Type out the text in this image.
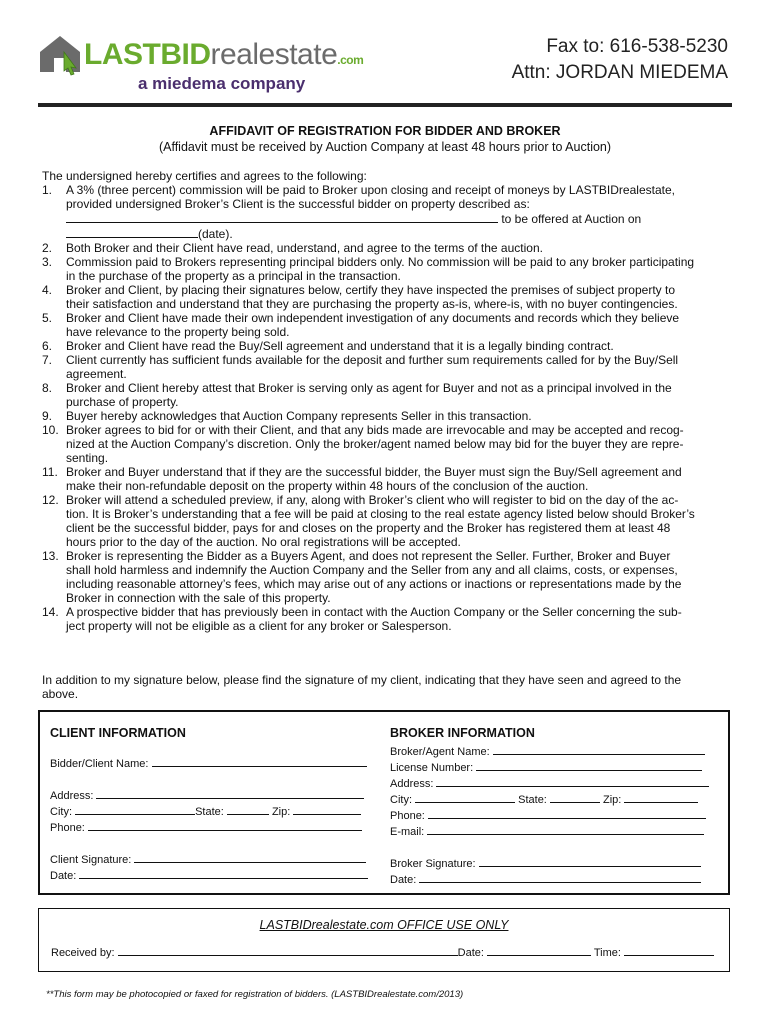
LASTBIDrealestate.com
a miedema company
Fax to: 616-538-5230
Attn: JORDAN MIEDEMA
AFFIDAVIT OF REGISTRATION FOR BIDDER AND BROKER
(Affidavit must be received by Auction Company at least 48 hours prior to Auction)
The undersigned hereby certifies and agrees to the following:
1. A 3% (three percent) commission will be paid to Broker upon closing and receipt of moneys by LASTBIDrealestate,
provided undersigned Broker’s Client is the successful bidder on property described as:
to be offered at Auction on
(date).
2. Both Broker and their Client have read, understand, and agree to the terms of the auction.
3. Commission paid to Brokers representing principal bidders only. No commission will be paid to any broker participating
in the purchase of the property as a principal in the transaction.
4. Broker and Client, by placing their signatures below, certify they have inspected the premises of subject property to
their satisfaction and understand that they are purchasing the property as-is, where-is, with no buyer contingencies.
5. Broker and Client have made their own independent investigation of any documents and records which they believe
have relevance to the property being sold.
6. Broker and Client have read the Buy/Sell agreement and understand that it is a legally binding contract.
7. Client currently has sufficient funds available for the deposit and further sum requirements called for by the Buy/Sell
agreement.
8. Broker and Client hereby attest that Broker is serving only as agent for Buyer and not as a principal involved in the
purchase of property.
9. Buyer hereby acknowledges that Auction Company represents Seller in this transaction.
10. Broker agrees to bid for or with their Client, and that any bids made are irrevocable and may be accepted and recog-
nized at the Auction Company’s discretion. Only the broker/agent named below may bid for the buyer they are repre-
senting.
11. Broker and Buyer understand that if they are the successful bidder, the Buyer must sign the Buy/Sell agreement and
make their non-refundable deposit on the property within 48 hours of the conclusion of the auction.
12. Broker will attend a scheduled preview, if any, along with Broker’s client who will register to bid on the day of the ac-
tion. It is Broker’s understanding that a fee will be paid at closing to the real estate agency listed below should Broker’s
client be the successful bidder, pays for and closes on the property and the Broker has registered them at least 48
hours prior to the day of the auction. No oral registrations will be accepted.
13. Broker is representing the Bidder as a Buyers Agent, and does not represent the Seller. Further, Broker and Buyer
shall hold harmless and indemnify the Auction Company and the Seller from any and all claims, costs, or expenses,
including reasonable attorney’s fees, which may arise out of any actions or inactions or representations made by the
Broker in connection with the sale of this property.
14. A prospective bidder that has previously been in contact with the Auction Company or the Seller concerning the sub-
ject property will not be eligible as a client for any broker or Salesperson.
In addition to my signature below, please find the signature of my client, indicating that they have seen and agreed to the
above.
CLIENT INFORMATION
Bidder/Client Name:
Address:
City:	State:	Zip:
Phone:
Client Signature:
Date:
BROKER INFORMATION
Broker/Agent Name:
License Number:
Address:
City:	State:	Zip:
Phone:
E-mail:
Broker Signature:
Date:
LASTBIDrealestate.com OFFICE USE ONLY
Received by:	Date:	Time:
**This form may be photocopied or faxed for registration of bidders. (LASTBIDrealestate.com/2013)
